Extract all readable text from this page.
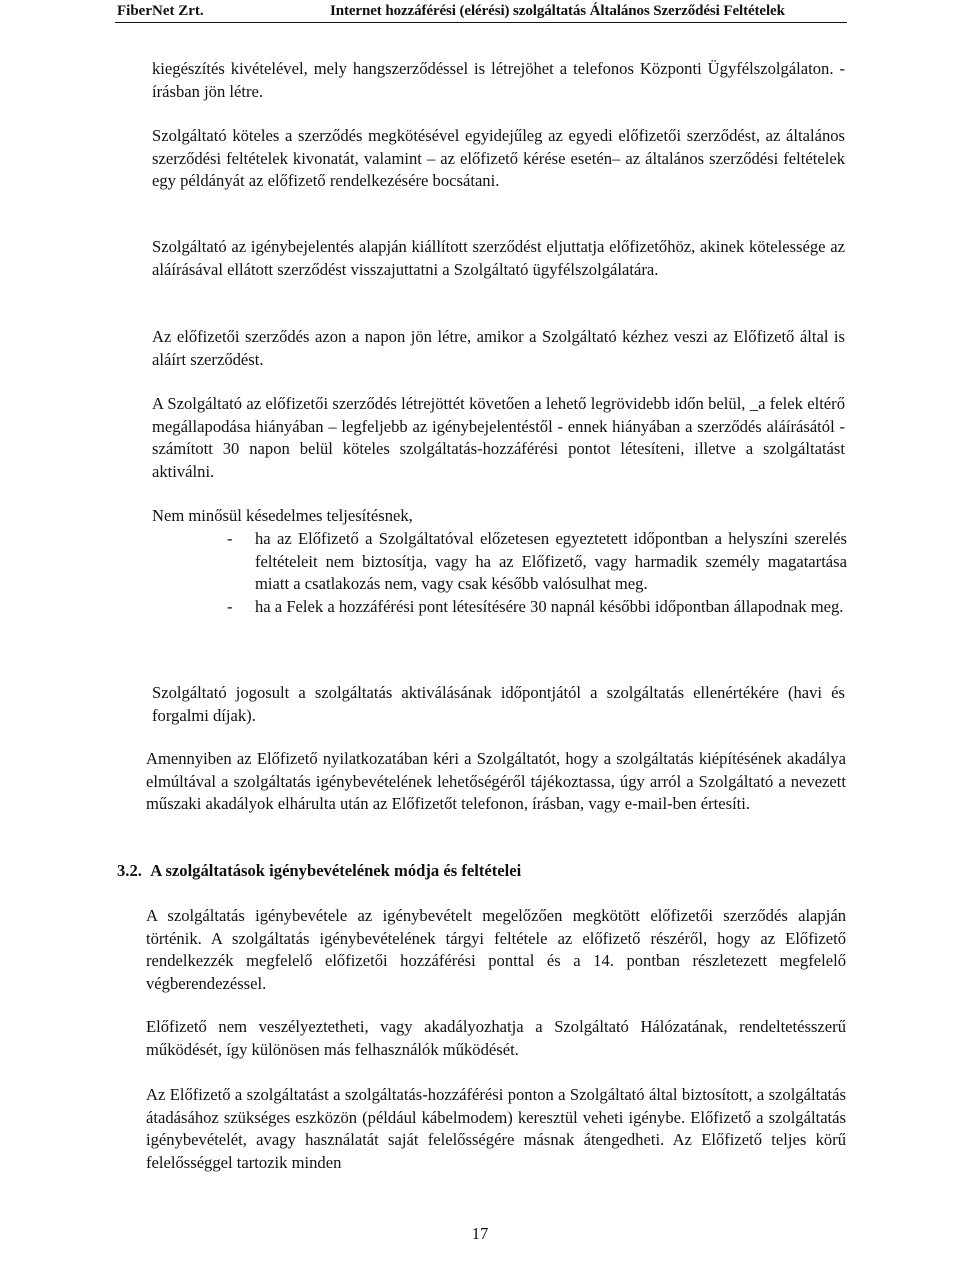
FiberNet Zrt.	Internet hozzáférési (elérési) szolgáltatás Általános Szerződési Feltételek

kiegészítés kivételével, mely hangszerződéssel is létrejöhet a telefonos Központi Ügyfélszolgálaton. - írásban jön létre.

Szolgáltató köteles a szerződés megkötésével egyidejűleg az egyedi előfizetői szerződést, az általános szerződési feltételek kivonatát, valamint – az előfizető kérése esetén– az általános szerződési feltételek egy példányát az előfizető rendelkezésére bocsátani.

Szolgáltató az igénybejelentés alapján kiállított szerződést eljuttatja előfizetőhöz, akinek kötelessége az aláírásával ellátott szerződést visszajuttatni a Szolgáltató ügyfélszolgálatára.

Az előfizetői szerződés azon a napon jön létre, amikor a Szolgáltató kézhez veszi az Előfizető által is aláírt szerződést.

A Szolgáltató az előfizetői szerződés létrejöttét követően a lehető legrövidebb időn belül, _a felek eltérő megállapodása hiányában – legfeljebb az igénybejelentéstől - ennek hiányában a szerződés aláírásától - számított 30 napon belül köteles szolgáltatás-hozzáférési pontot létesíteni, illetve a szolgáltatást aktiválni.

Nem minősül késedelmes teljesítésnek,

- ha az Előfizető a Szolgáltatóval előzetesen egyeztetett időpontban a helyszíni szerelés feltételeit nem biztosítja, vagy ha az Előfizető, vagy harmadik személy magatartása miatt a csatlakozás nem, vagy csak később valósulhat meg.
- ha a Felek a hozzáférési pont létesítésére 30 napnál későbbi időpontban állapodnak meg.

Szolgáltató jogosult a szolgáltatás aktiválásának időpontjától a szolgáltatás ellenértékére (havi és forgalmi díjak).

Amennyiben az Előfizető nyilatkozatában kéri a Szolgáltatót, hogy a szolgáltatás kiépítésének akadálya elmúltával a szolgáltatás igénybevételének lehetőségéről tájékoztassa, úgy arról a Szolgáltató a nevezett műszaki akadályok elhárulta után az Előfizetőt telefonon, írásban, vagy e-mail-ben értesíti.

3.2. A szolgáltatások igénybevételének módja és feltételei

A szolgáltatás igénybevétele az igénybevételt megelőzően megkötött előfizetői szerződés alapján történik. A szolgáltatás igénybevételének tárgyi feltétele az előfizető részéről, hogy az Előfizető rendelkezzék megfelelő előfizetői hozzáférési ponttal és a 14. pontban részletezett megfelelő végberendezéssel.

Előfizető nem veszélyeztetheti, vagy akadályozhatja a Szolgáltató Hálózatának, rendeltetésszerű működését, így különösen más felhasználók működését.

Az Előfizető a szolgáltatást a szolgáltatás-hozzáférési ponton a Szolgáltató által biztosított, a szolgáltatás átadásához szükséges eszközön (például kábelmodem) keresztül veheti igénybe. Előfizető a szolgáltatás igénybevételét, avagy használatát saját felelősségére másnak átengedheti. Az Előfizető teljes körű felelősséggel tartozik minden

17
